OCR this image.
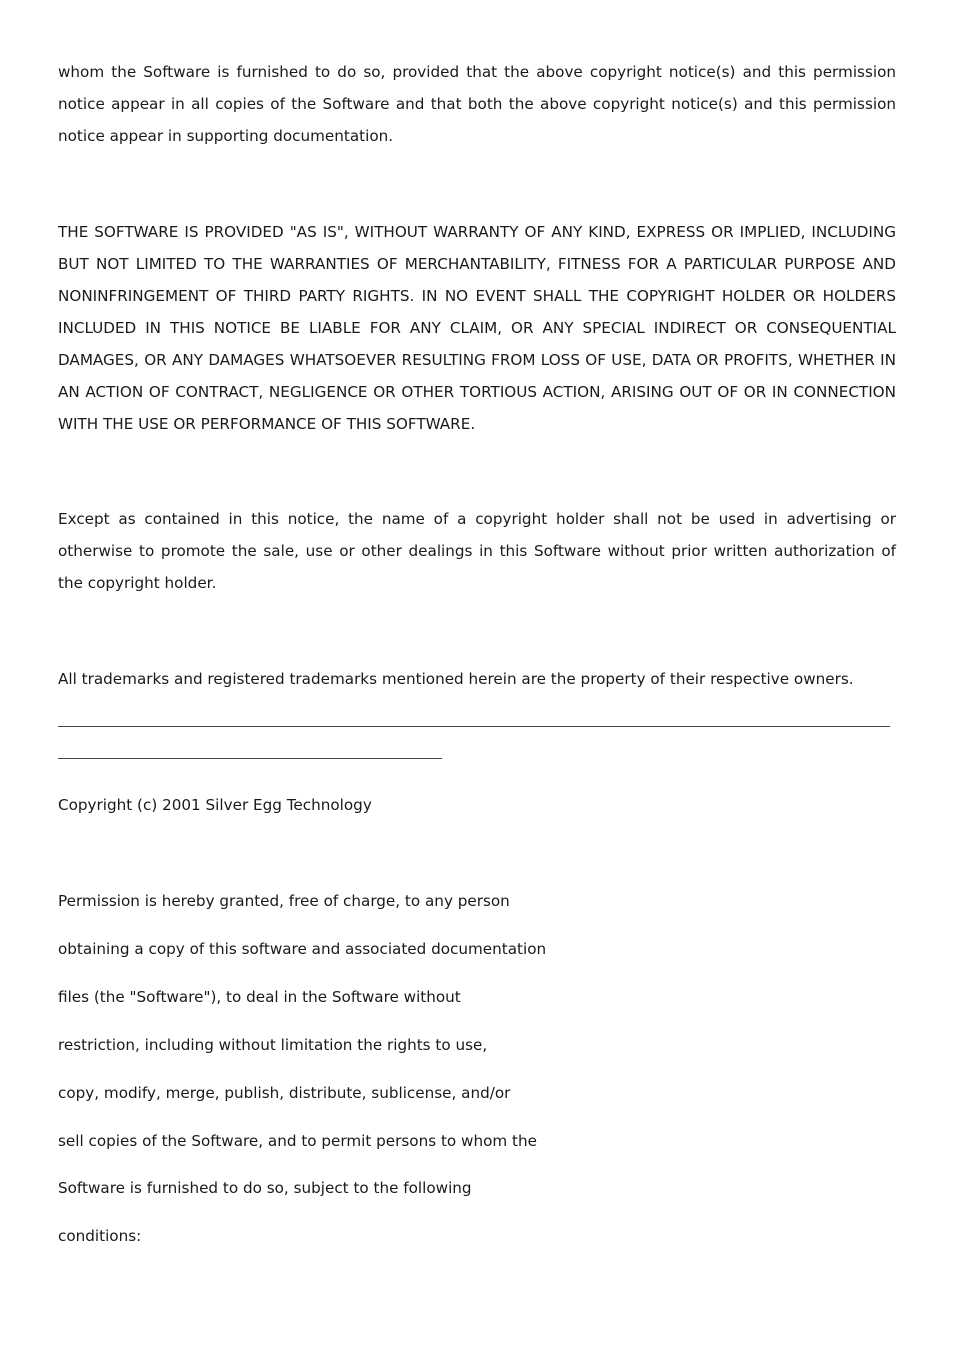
whom the Software is furnished to do so, provided that the above copyright notice(s) and this permission notice appear in all copies of the Software and that both the above copyright notice(s) and this permission notice appear in supporting documentation.

THE SOFTWARE IS PROVIDED "AS IS", WITHOUT WARRANTY OF ANY KIND, EXPRESS OR IMPLIED, INCLUDING BUT NOT LIMITED TO THE WARRANTIES OF MERCHANTABILITY, FITNESS FOR A PARTICULAR PURPOSE AND NONINFRINGEMENT OF THIRD PARTY RIGHTS. IN NO EVENT SHALL THE COPYRIGHT HOLDER OR HOLDERS INCLUDED IN THIS NOTICE BE LIABLE FOR ANY CLAIM, OR ANY SPECIAL INDIRECT OR CONSEQUENTIAL DAMAGES, OR ANY DAMAGES WHATSOEVER RESULTING FROM LOSS OF USE, DATA OR PROFITS, WHETHER IN AN ACTION OF CONTRACT, NEGLIGENCE OR OTHER TORTIOUS ACTION, ARISING OUT OF OR IN CONNECTION WITH THE USE OR PERFORMANCE OF THIS SOFTWARE.

Except as contained in this notice, the name of a copyright holder shall not be used in advertising or otherwise to promote the sale, use or other dealings in this Software without prior written authorization of the copyright holder.

All trademarks and registered trademarks mentioned herein are the property of their respective owners.

Copyright (c) 2001 Silver Egg Technology

Permission is hereby granted, free of charge, to any person

obtaining a copy of this software and associated documentation

files (the "Software"), to deal in the Software without

restriction, including without limitation the rights to use,

copy, modify, merge, publish, distribute, sublicense, and/or

sell copies of the Software, and to permit persons to whom the

Software is furnished to do so, subject to the following

conditions:
